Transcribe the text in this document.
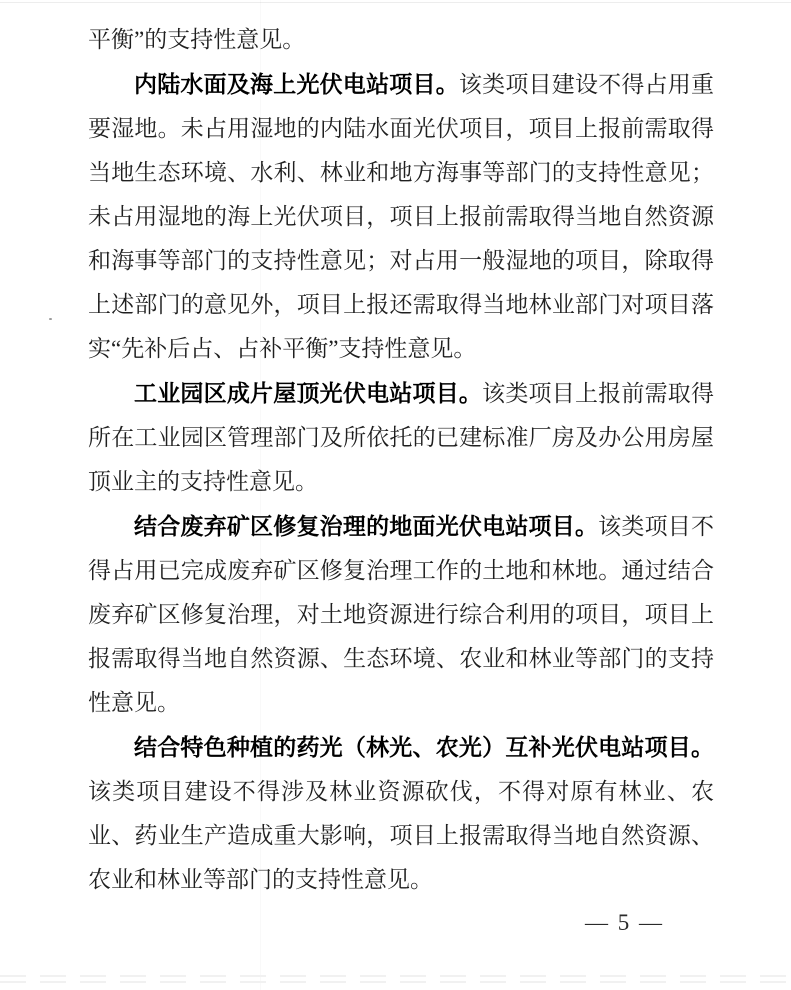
平衡”的支持性意见。

内陆水面及海上光伏电站项目。该类项目建设不得占用重要湿地。未占用湿地的内陆水面光伏项目，项目上报前需取得当地生态环境、水利、林业和地方海事等部门的支持性意见；未占用湿地的海上光伏项目，项目上报前需取得当地自然资源和海事等部门的支持性意见；对占用一般湿地的项目，除取得上述部门的意见外，项目上报还需取得当地林业部门对项目落实“先补后占、占补平衡”支持性意见。

工业园区成片屋顶光伏电站项目。该类项目上报前需取得所在工业园区管理部门及所依托的已建标准厂房及办公用房屋顶业主的支持性意见。

结合废弃矿区修复治理的地面光伏电站项目。该类项目不得占用已完成废弃矿区修复治理工作的土地和林地。通过结合废弃矿区修复治理，对土地资源进行综合利用的项目，项目上报需取得当地自然资源、生态环境、农业和林业等部门的支持性意见。

结合特色种植的药光（林光、农光）互补光伏电站项目。该类项目建设不得涉及林业资源砍伐，不得对原有林业、农业、药业生产造成重大影响，项目上报需取得当地自然资源、农业和林业等部门的支持性意见。

— 5 —
